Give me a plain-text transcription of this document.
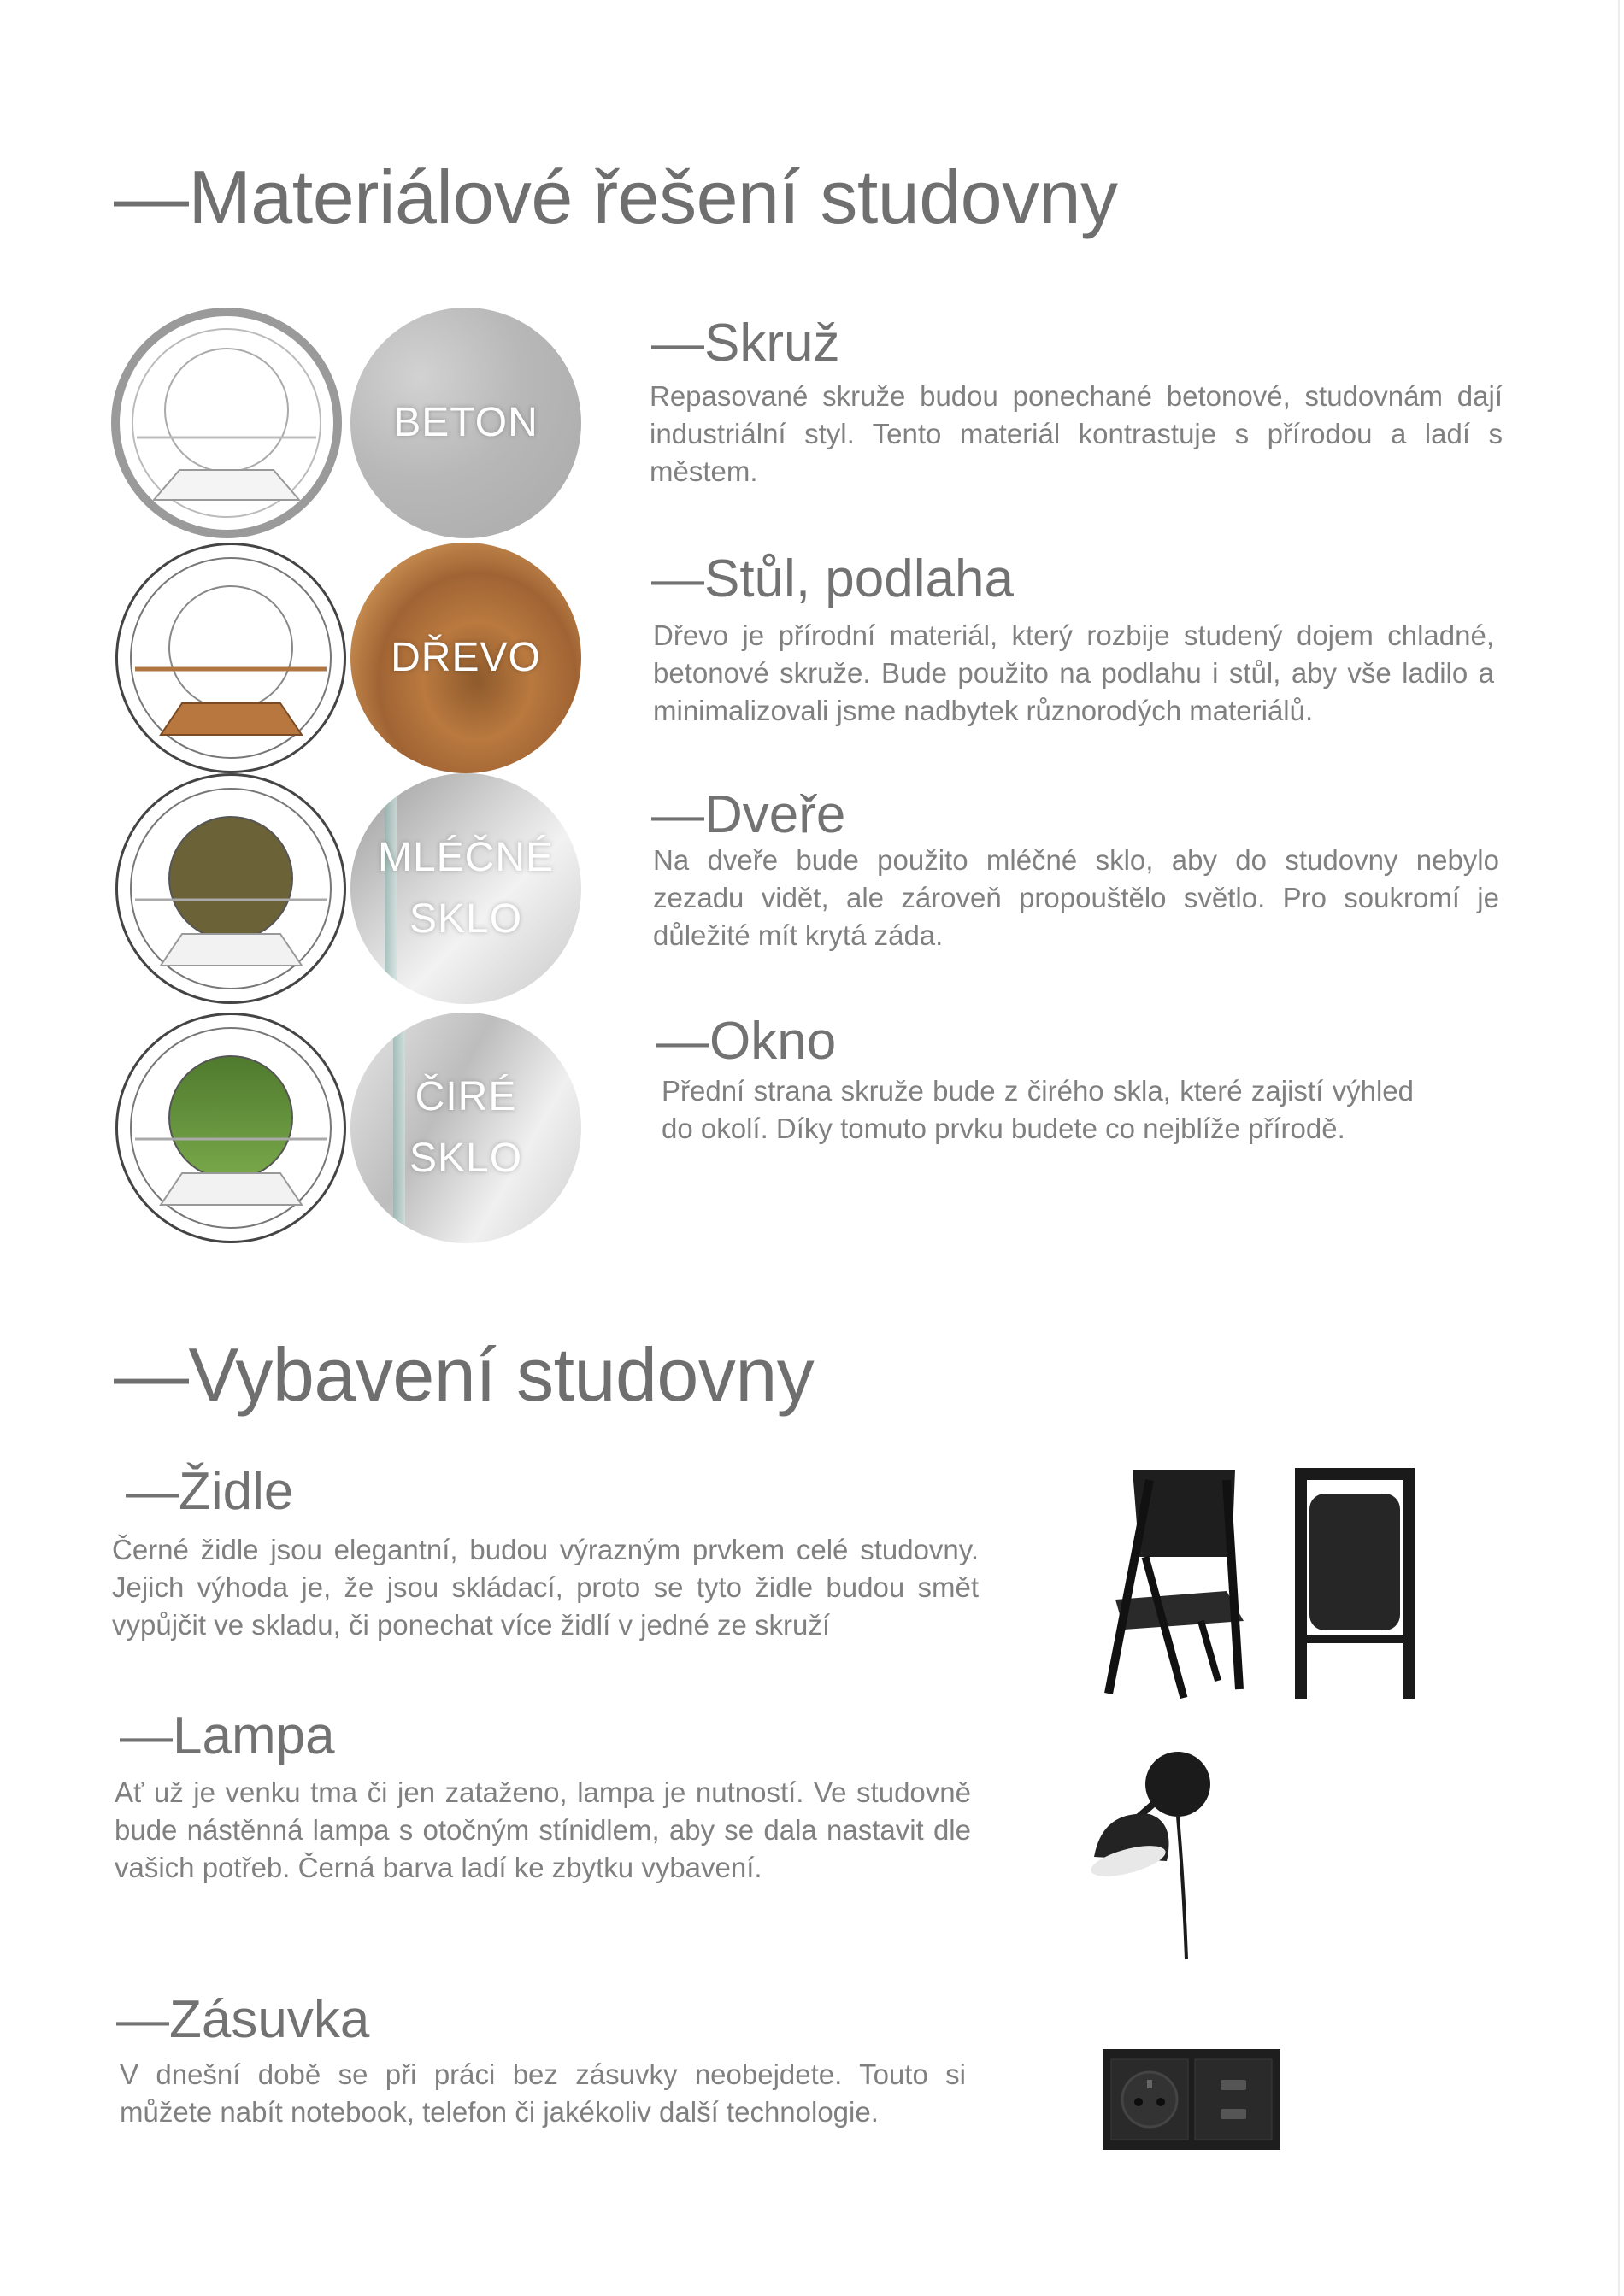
—Materiálové řešení studovny
BETON
—Skruž

Repasované skruže budou ponechané betonové, studovnám dají industriální styl. Tento materiál kontrastuje s přírodou a ladí s městem.

DŘEVO
—Stůl, podlaha

Dřevo je přírodní materiál, který rozbije studený dojem chladné, betonové skruže. Bude použito na podlahu i stůl, aby vše ladilo a minimalizovali jsme nadbytek různorodých materiálů.

MLÉČNÉ
SKLO
—Dveře

Na dveře bude použito mléčné sklo, aby do studovny nebylo zezadu vidět, ale zároveň propouštělo světlo. Pro soukromí je důležité mít krytá záda.

ČIRÉ
SKLO
—Okno

Přední strana skruže bude z čirého skla, které zajistí výhled do okolí. Díky tomuto prvku budete co nejblíže přírodě.

—Vybavení studovny
—Židle

Černé židle jsou elegantní, budou výrazným prvkem celé studovny. Jejich výhoda je, že jsou skládací, proto se tyto židle budou smět vypůjčit ve skladu, či ponechat více židlí v jedné ze skruží

—Lampa

Ať už je venku tma či jen zataženo, lampa je nutností. Ve studovně bude nástěnná lampa s otočným stínidlem, aby se dala nastavit dle vašich potřeb. Černá barva ladí ke zbytku vybavení.

—Zásuvka

V dnešní době se při práci bez zásuvky neobejdete. Touto si můžete nabít notebook, telefon či jakékoliv další technologie.
